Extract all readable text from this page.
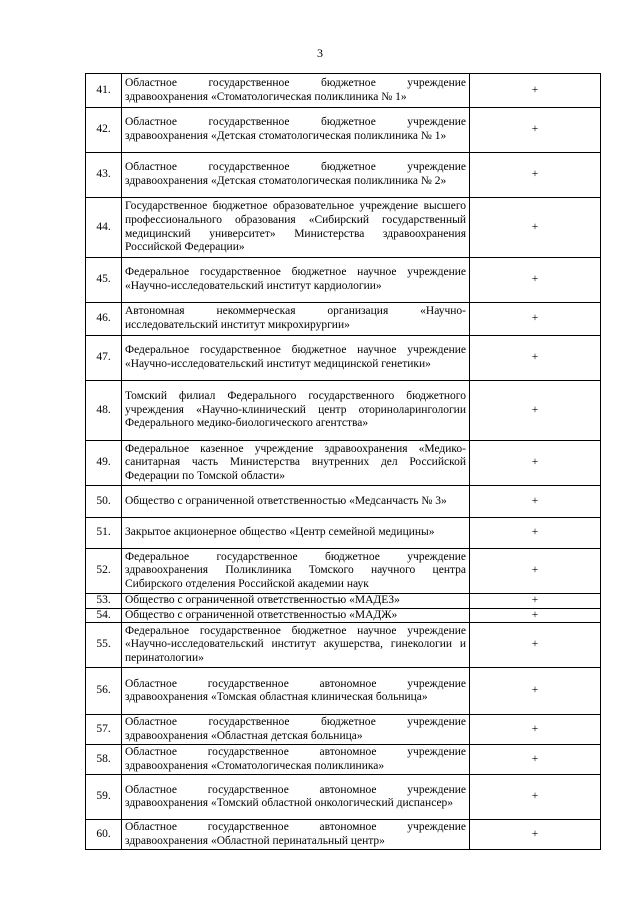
3
41.	Областное государственное бюджетное учреждение здравоохранения «Стоматологическая поликлиника № 1»	+
42.	Областное государственное бюджетное учреждение здравоохранения «Детская стоматологическая поликлиника № 1»	+
43.	Областное государственное бюджетное учреждение здравоохранения «Детская стоматологическая поликлиника № 2»	+
44.	Государственное бюджетное образовательное учреждение высшего профессионального образования «Сибирский государственный медицинский университет» Министерства здравоохранения Российской Федерации»	+
45.	Федеральное государственное бюджетное научное учреждение «Научно-исследовательский институт кардиологии»	+
46.	Автономная некоммерческая организация «Научно-исследовательский институт микрохирургии»	+
47.	Федеральное государственное бюджетное научное учреждение «Научно-исследовательский институт медицинской генетики»	+
48.	Томский филиал Федерального государственного бюджетного учреждения «Научно-клинический центр оториноларингологии Федерального медико-биологического агентства»	+
49.	Федеральное казенное учреждение здравоохранения «Медико-санитарная часть Министерства внутренних дел Российской Федерации по Томской области»	+
50.	Общество с ограниченной ответственностью «Медсанчасть № 3»	+
51.	Закрытое акционерное общество «Центр семейной медицины»	+
52.	Федеральное государственное бюджетное учреждение здравоохранения Поликлиника Томского научного центра Сибирского отделения Российской академии наук	+
53.	Общество с ограниченной ответственностью «МАДЕЗ»	+
54.	Общество с ограниченной ответственностью «МАДЖ»	+
55.	Федеральное государственное бюджетное научное учреждение «Научно-исследовательский институт акушерства, гинекологии и перинатологии»	+
56.	Областное государственное автономное учреждение здравоохранения «Томская областная клиническая больница»	+
57.	Областное государственное бюджетное учреждение здравоохранения «Областная детская больница»	+
58.	Областное государственное автономное учреждение здравоохранения «Стоматологическая поликлиника»	+
59.	Областное государственное автономное учреждение здравоохранения «Томский областной онкологический диспансер»	+
60.	Областное государственное автономное учреждение здравоохранения «Областной перинатальный центр»	+
